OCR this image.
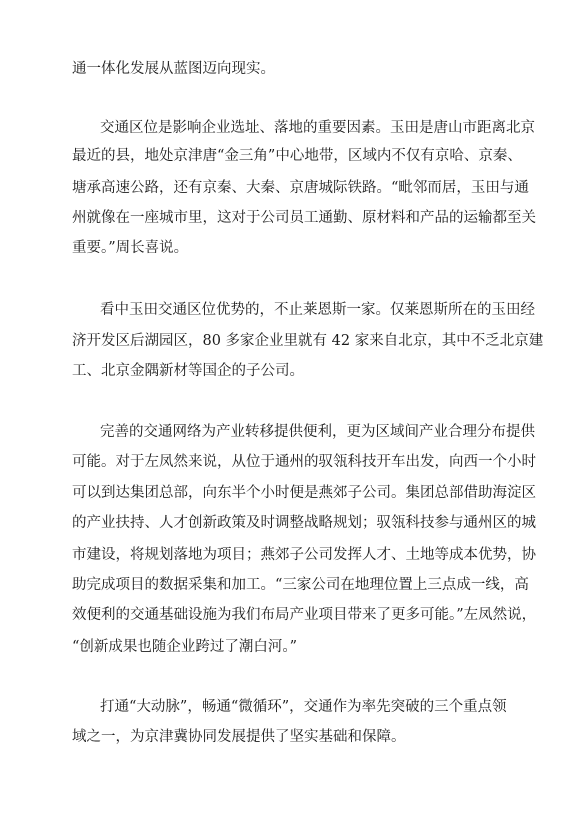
通一体化发展从蓝图迈向现实。
交通区位是影响企业选址、落地的重要因素。玉田是唐山市距离北京
最近的县，地处京津唐“金三角”中心地带，区域内不仅有京哈、京秦、
塘承高速公路，还有京秦、大秦、京唐城际铁路。“毗邻而居，玉田与通
州就像在一座城市里，这对于公司员工通勤、原材料和产品的运输都至关
重要。”周长喜说。
看中玉田交通区位优势的，不止莱恩斯一家。仅莱恩斯所在的玉田经
济开发区后湖园区，80 多家企业里就有 42 家来自北京，其中不乏北京建
工、北京金隅新材等国企的子公司。
完善的交通网络为产业转移提供便利，更为区域间产业合理分布提供
可能。对于左凤然来说，从位于通州的驭瓴科技开车出发，向西一个小时
可以到达集团总部，向东半个小时便是燕郊子公司。集团总部借助海淀区
的产业扶持、人才创新政策及时调整战略规划；驭瓴科技参与通州区的城
市建设，将规划落地为项目；燕郊子公司发挥人才、土地等成本优势，协
助完成项目的数据采集和加工。“三家公司在地理位置上三点成一线，高
效便利的交通基础设施为我们布局产业项目带来了更多可能。”左凤然说，
“创新成果也随企业跨过了潮白河。”
打通“大动脉”，畅通“微循环”，交通作为率先突破的三个重点领
域之一，为京津冀协同发展提供了坚实基础和保障。
